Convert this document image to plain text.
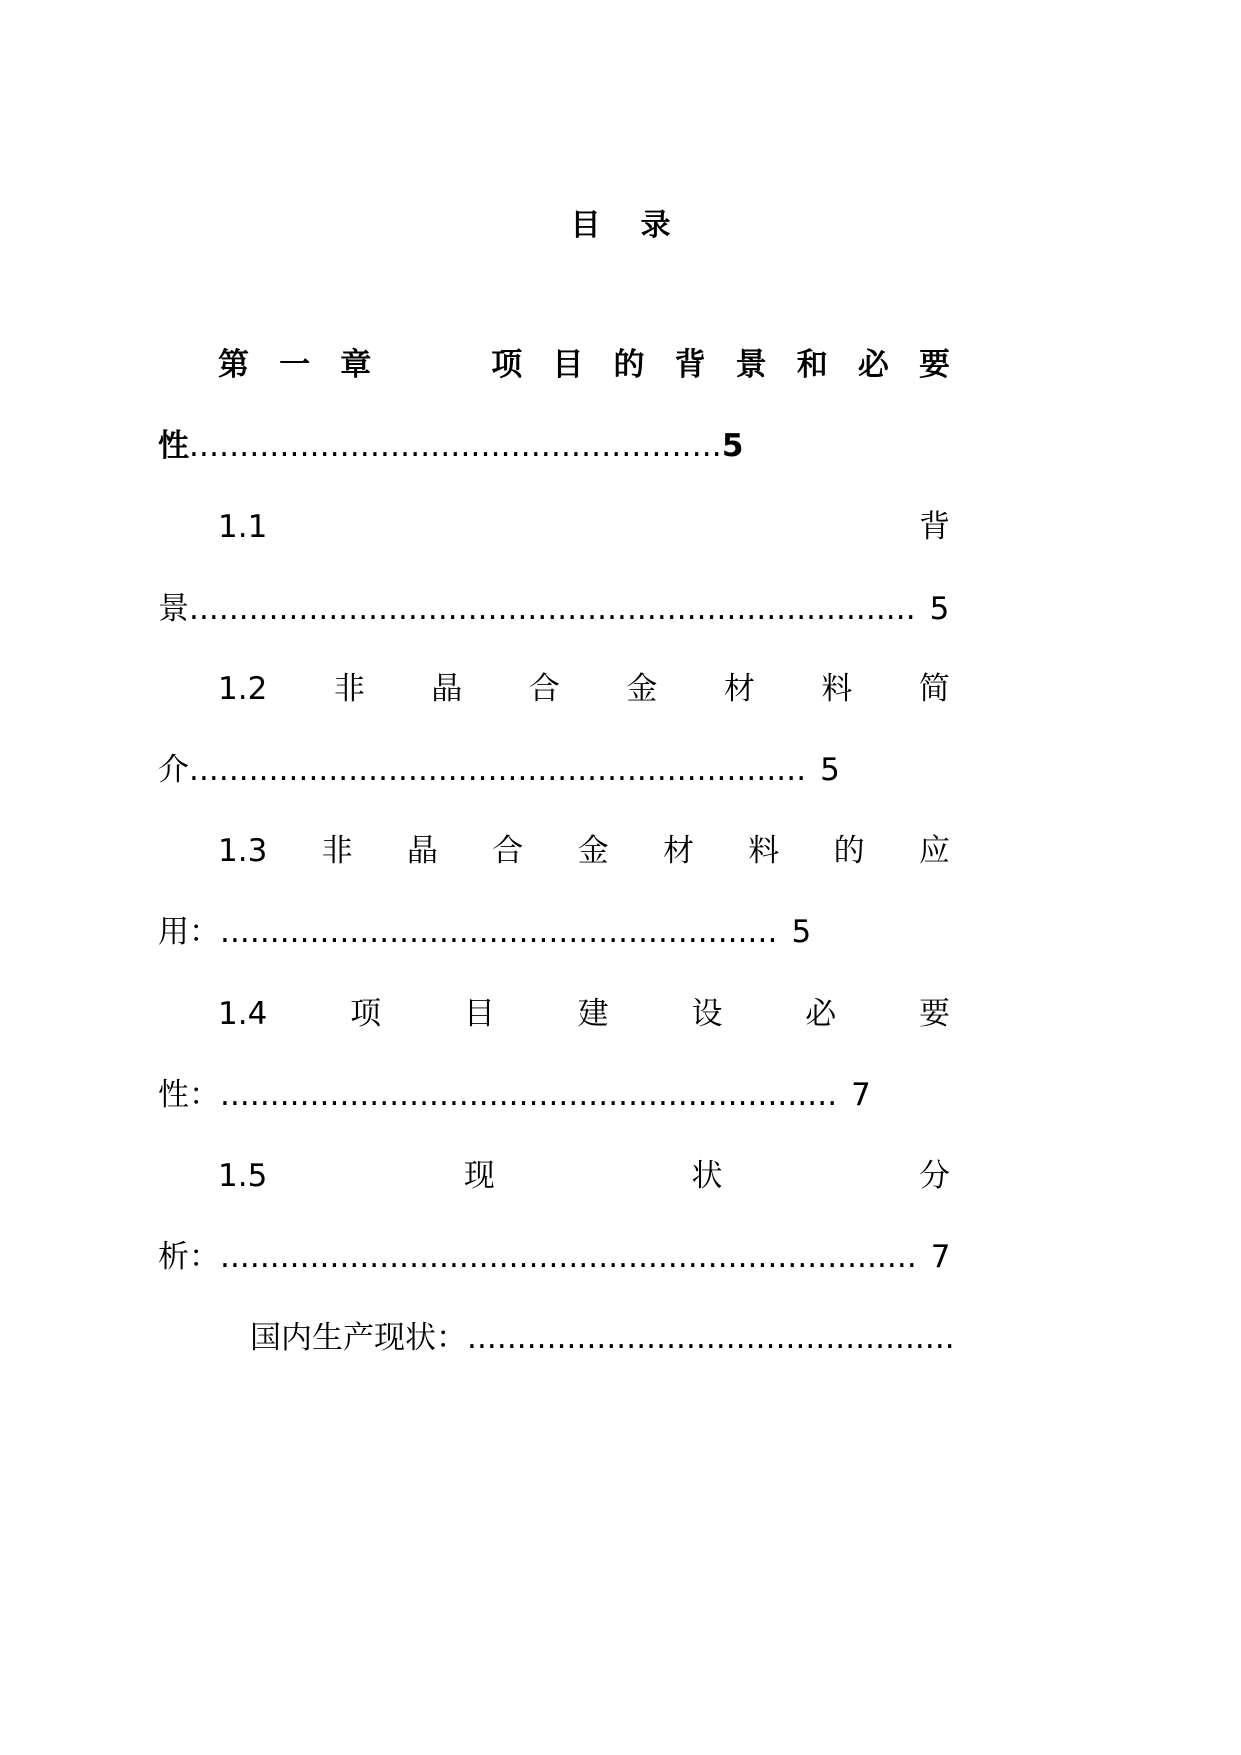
目录
第 一 章	项 目 的 背 景 和 必 要
性 ..................................................... 5
1.1	背
景 ......................................................................... 5
1.2 非 晶 合 金 材 料 简
介 .............................................................. 5
1.3 非 晶 合 金 材 料 的 应
用： ........................................................ 5
1.4	项	目	建	设	必	要
性： .............................................................. 7
1.5	现	状	分
析： ...................................................................... 7
国内生产现状： .................................................
